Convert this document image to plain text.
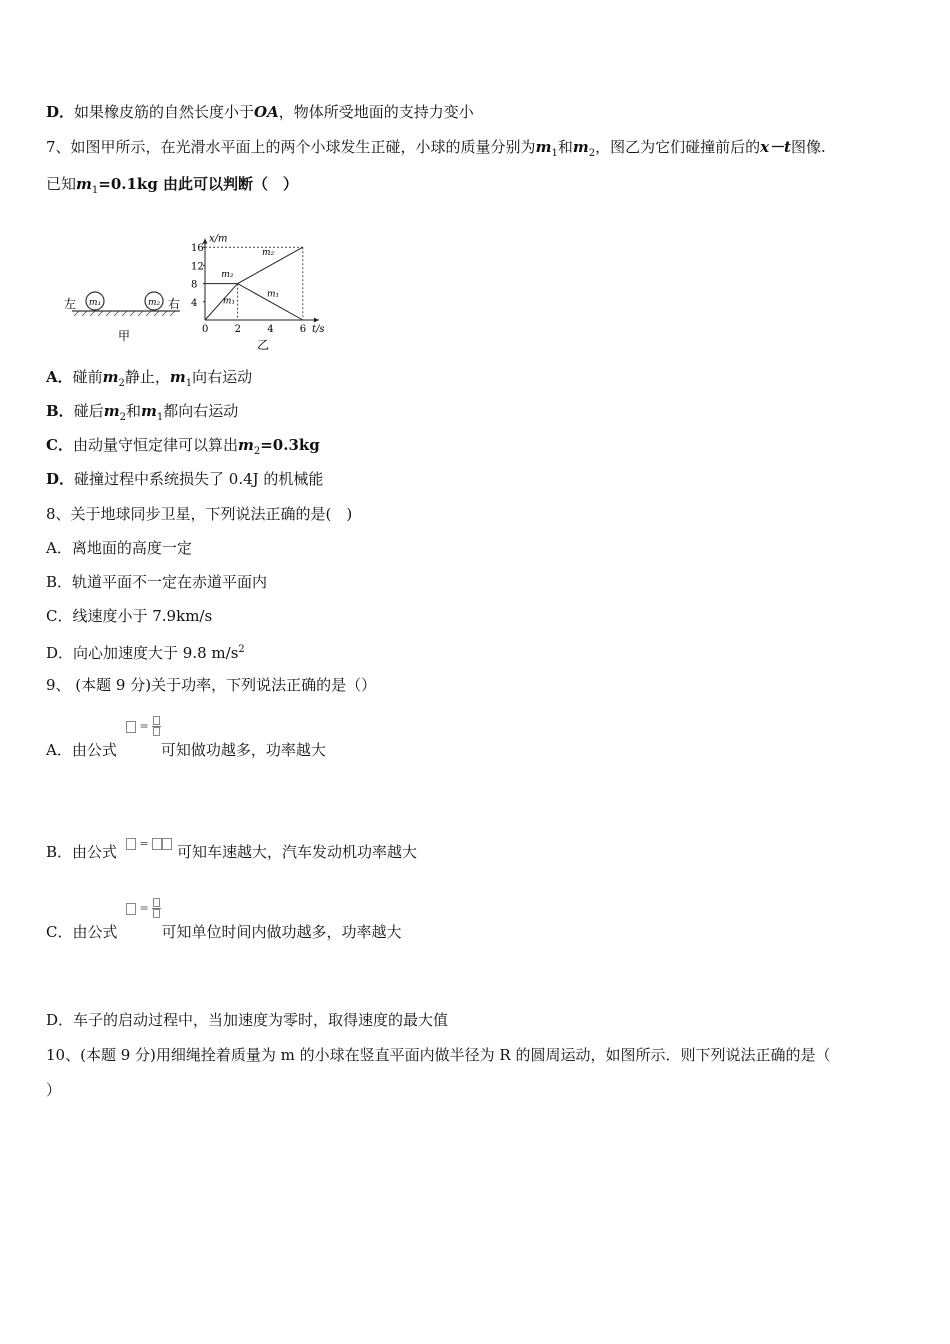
D．如果橡皮筋的自然长度小于OA，物体所受地面的支持力变小
7、如图甲所示，在光滑水平面上的两个小球发生正碰，小球的质量分别为$m_1$和$m_2$，图乙为它们碰撞前后的x－t图像.
已知$m_1=0.1kg$ 由此可以判断（　）
左 m₁	m₂ 右
甲	0	2	4	6
4
8
12
16	m₂
m₂
m₁
m₁
t/s
x/m
乙
A．碰前$m_2$静止，$m_1$向右运动
B．碰后$m_2$和$m_1$都向右运动
C．由动量守恒定律可以算出$m_2=0.3kg$
D．碰撞过程中系统损失了 0.4J 的机械能
8、关于地球同步卫星，下列说法正确的是(　)
A．离地面的高度一定
B．轨道平面不一定在赤道平面内
C．线速度小于 7.9km/s
D．向心加速度大于 9.8 $m/s^2$
9、 (本题 9 分)关于功率，下列说法正确的是（）
=
A．由公式	可知做功越多，功率越大
=
B．由公式	可知车速越大，汽车发动机功率越大
=
C．由公式	可知单位时间内做功越多，功率越大
D．车子的启动过程中，当加速度为零时，取得速度的最大值
10、(本题 9 分)用细绳拴着质量为 m 的小球在竖直平面内做半径为 R 的圆周运动，如图所示．则下列说法正确的是（
）
